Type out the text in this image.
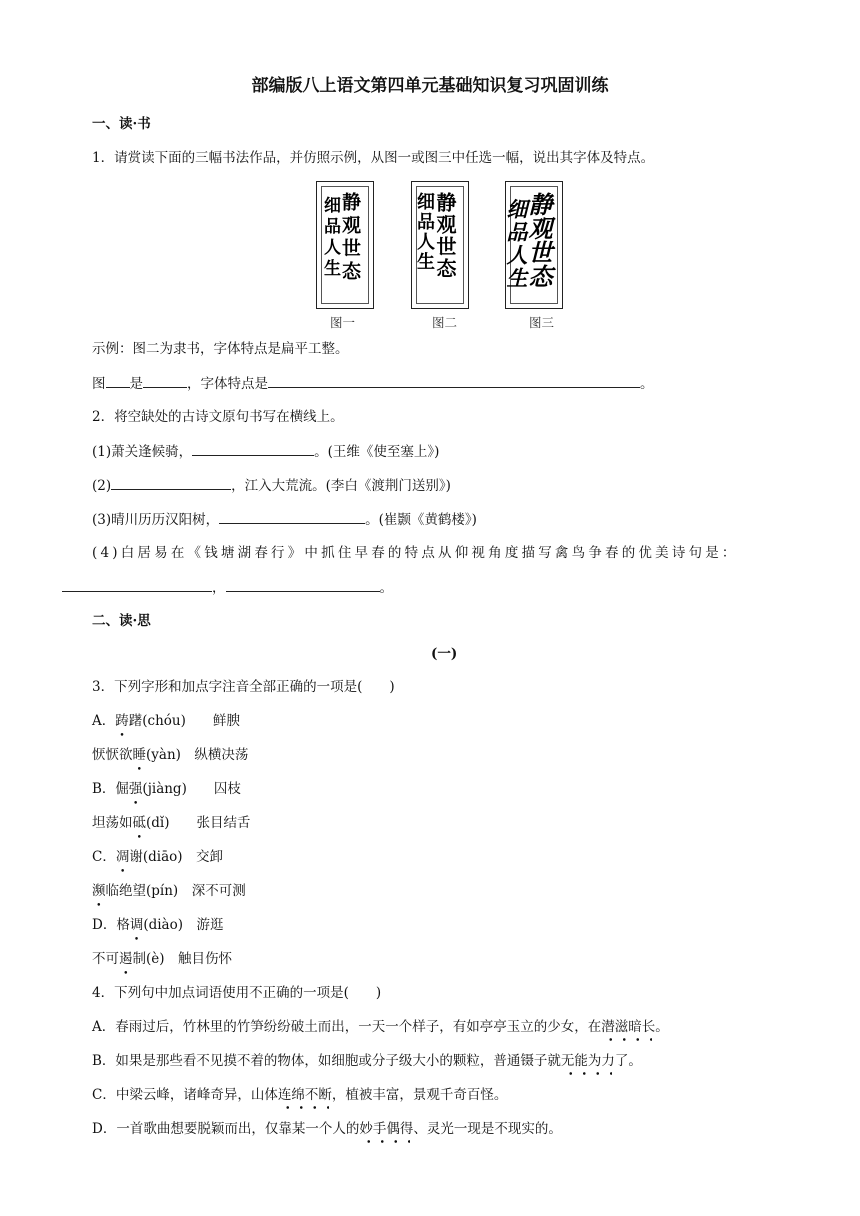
部编版八上语文第四单元基础知识复习巩固训练
一、读·书
1．请赏读下面的三幅书法作品，并仿照示例，从图一或图三中任选一幅，说出其字体及特点。
静观世态
细品人生	静观世态
细品人生	静观世态
细品人生
图一	图二	图三
示例：图二为隶书，字体特点是扁平工整。
图 是	，字体特点是	。
2．将空缺处的古诗文原句书写在横线上。
(1)萧关逢候骑，	。(王维《使至塞上》)
(2)	，江入大荒流。(李白《渡荆门送别》)
(3)晴川历历汉阳树，	。(崔颢《黄鹤楼》)
(4)白居易在《钱塘湖春行》中抓住早春的特点从仰视角度描写禽鸟争春的优美诗句是：
，	。
二、读·思
(一)
3．下列字形和加点字注音全部正确的一项是(　　)
A．踌躇(chóu)　　鲜腴
恹恹欲睡(yàn)　纵横决荡
B．倔强(jiàng)　　囚枝
坦荡如砥(dǐ)　　张目结舌
C．凋谢(diāo)　交卸
濒临绝望(pín)　深不可测
D．格调(diào)　游逛
不可遏制(è)　触目伤怀
4．下列句中加点词语使用不正确的一项是(　　)
A．春雨过后，竹林里的竹笋纷纷破土而出，一天一个样子，有如亭亭玉立的少女，在潜滋暗长。
B．如果是那些看不见摸不着的物体，如细胞或分子级大小的颗粒，普通镊子就无能为力了。
C．中梁云峰，诸峰奇异，山体连绵不断，植被丰富，景观千奇百怪。
D．一首歌曲想要脱颖而出，仅靠某一个人的妙手偶得、灵光一现是不现实的。
